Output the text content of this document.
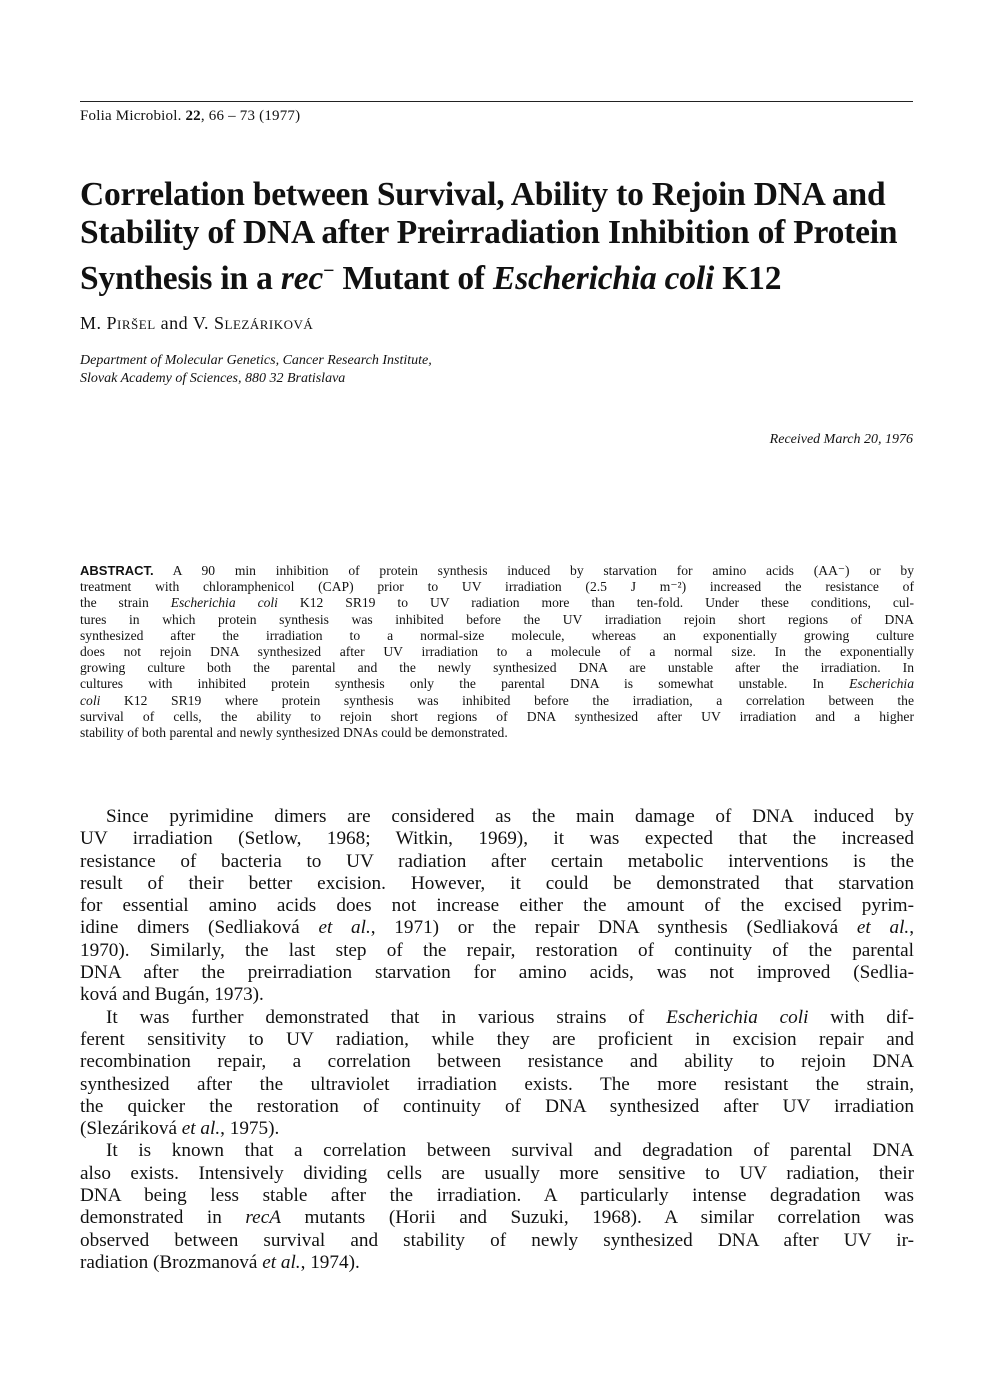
Folia Microbiol. 22, 66 – 73 (1977)
Correlation between Survival, Ability to Rejoin DNA and
Stability of DNA after Preirradiation Inhibition of Protein
Synthesis in a rec− Mutant of Escherichia coli K12
M. Piršel and V. Slezáriková
Department of Molecular Genetics, Cancer Research Institute,
Slovak Academy of Sciences, 880 32 Bratislava
Received March 20, 1976
ABSTRACT. A 90 min inhibition of protein synthesis induced by starvation for amino acids (AA⁻) or by
treatment with chloramphenicol (CAP) prior to UV irradiation (2.5 J m⁻²) increased the resistance of
the strain Escherichia coli K12 SR19 to UV radiation more than ten-fold. Under these conditions, cul-
tures in which protein synthesis was inhibited before the UV irradiation rejoin short regions of DNA
synthesized after the irradiation to a normal-size molecule, whereas an exponentially growing culture
does not rejoin DNA synthesized after UV irradiation to a molecule of a normal size. In the exponentially
growing culture both the parental and the newly synthesized DNA are unstable after the irradiation. In
cultures with inhibited protein synthesis only the parental DNA is somewhat unstable. In Escherichia
coli K12 SR19 where protein synthesis was inhibited before the irradiation, a correlation between the
survival of cells, the ability to rejoin short regions of DNA synthesized after UV irradiation and a higher
stability of both parental and newly synthesized DNAs could be demonstrated.
Since pyrimidine dimers are considered as the main damage of DNA induced by
UV irradiation (Setlow, 1968; Witkin, 1969), it was expected that the increased
resistance of bacteria to UV radiation after certain metabolic interventions is the
result of their better excision. However, it could be demonstrated that starvation
for essential amino acids does not increase either the amount of the excised pyrim-
idine dimers (Sedliaková et al., 1971) or the repair DNA synthesis (Sedliaková et al.,
1970). Similarly, the last step of the repair, restoration of continuity of the parental
DNA after the preirradiation starvation for amino acids, was not improved (Sedlia-
ková and Bugán, 1973).
It was further demonstrated that in various strains of Escherichia coli with dif-
ferent sensitivity to UV radiation, while they are proficient in excision repair and
recombination repair, a correlation between resistance and ability to rejoin DNA
synthesized after the ultraviolet irradiation exists. The more resistant the strain,
the quicker the restoration of continuity of DNA synthesized after UV irradiation
(Slezáriková et al., 1975).
It is known that a correlation between survival and degradation of parental DNA
also exists. Intensively dividing cells are usually more sensitive to UV radiation, their
DNA being less stable after the irradiation. A particularly intense degradation was
demonstrated in recA mutants (Horii and Suzuki, 1968). A similar correlation was
observed between survival and stability of newly synthesized DNA after UV ir-
radiation (Brozmanová et al., 1974).
